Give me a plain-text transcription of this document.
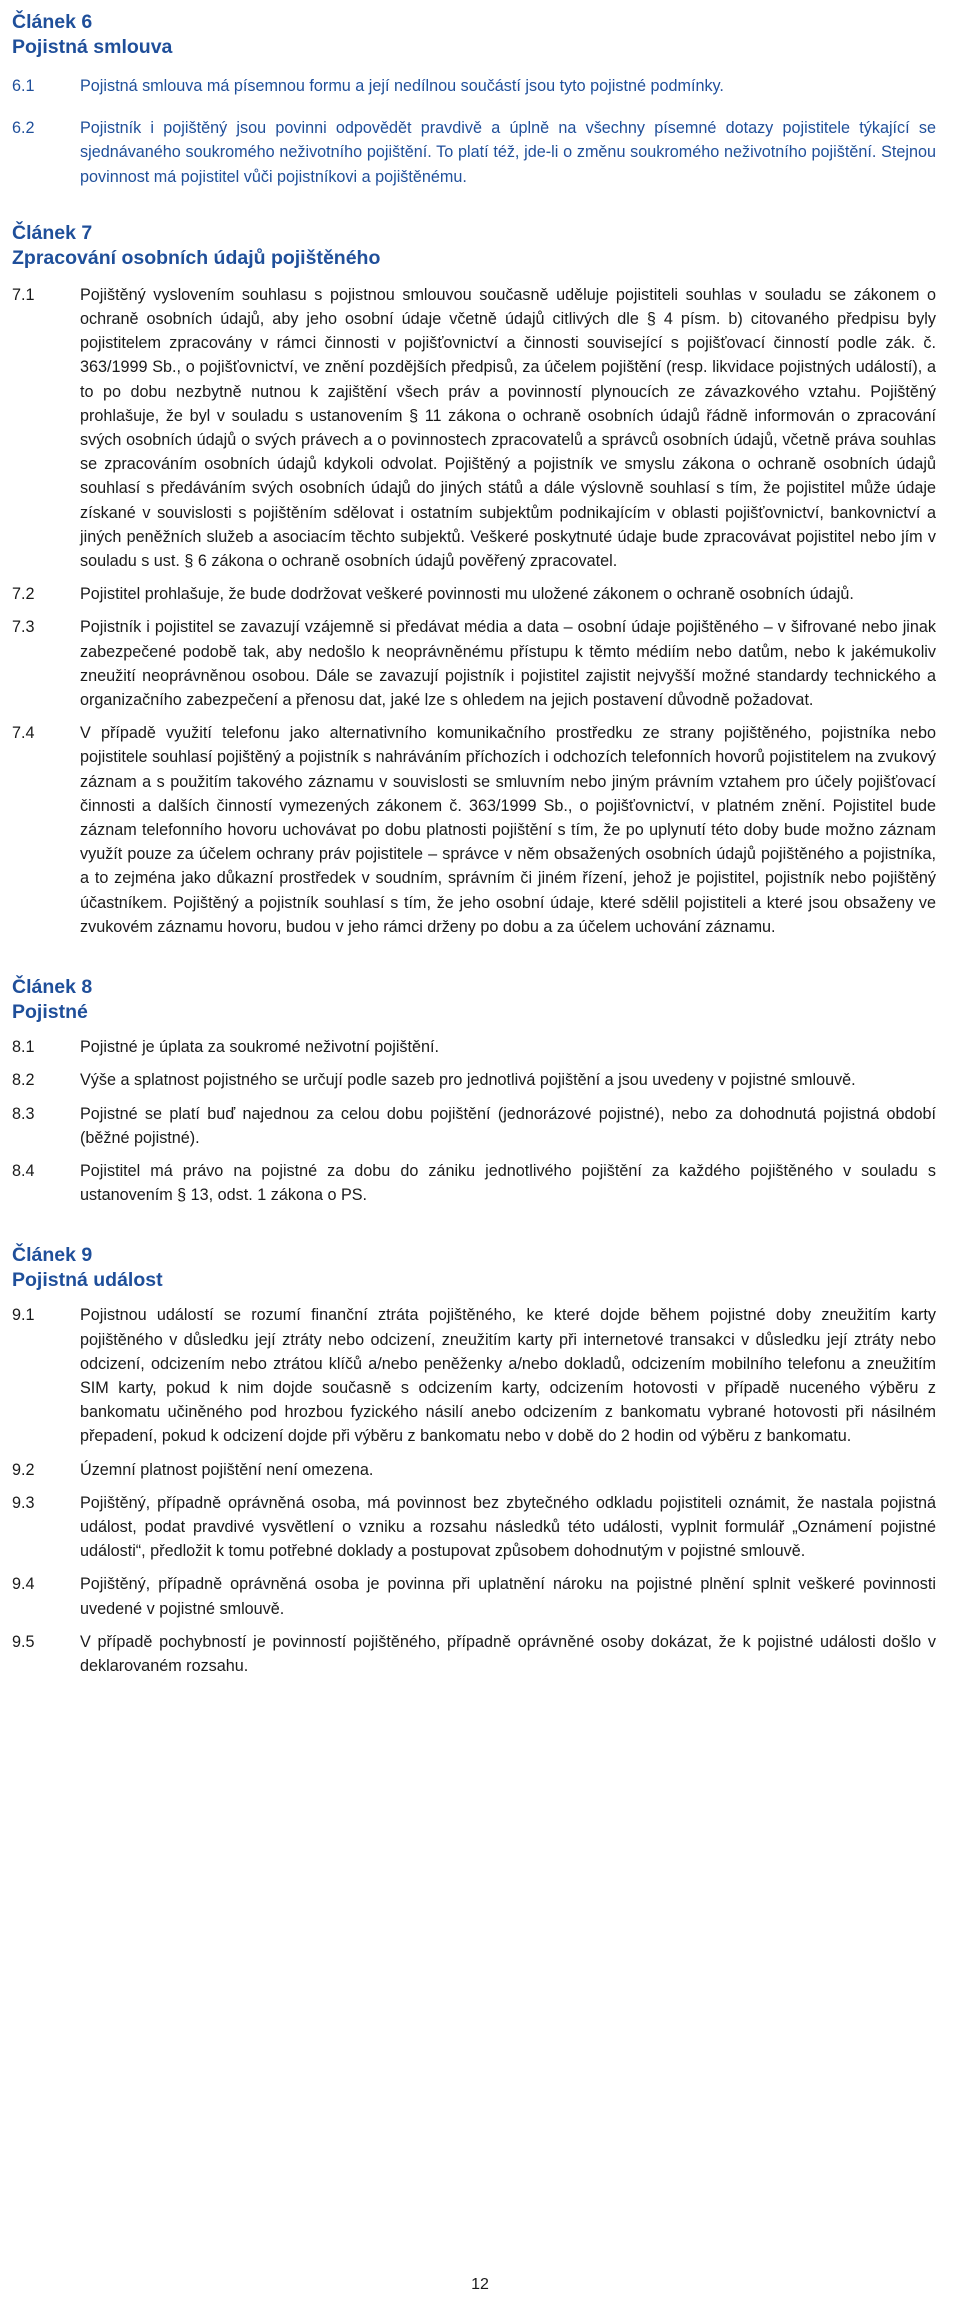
Článek 6
Pojistná smlouva
6.1	Pojistná smlouva má písemnou formu a její nedílnou součástí jsou tyto pojistné podmínky.
6.2	Pojistník i pojištěný jsou povinni odpovědět pravdivě a úplně na všechny písemné dotazy pojistitele týkající se sjednávaného soukromého neživotního pojištění. To platí též, jde-li o změnu soukromého neživotního pojištění. Stejnou povinnost má pojistitel vůči pojistníkovi a pojištěnému.
Článek 7
Zpracování osobních údajů pojištěného
7.1	Pojištěný vyslovením souhlasu s pojistnou smlouvou současně uděluje pojistiteli souhlas v souladu se zákonem o ochraně osobních údajů, aby jeho osobní údaje včetně údajů citlivých dle § 4 písm. b) citovaného předpisu byly pojistitelem zpracovány v rámci činnosti v pojišťovnictví a činnosti související s pojišťovací činností podle zák. č. 363/1999 Sb., o pojišťovnictví, ve znění pozdějších předpisů, za účelem pojištění (resp. likvidace pojistných událostí), a to po dobu nezbytně nutnou k zajištění všech práv a povinností plynoucích ze závazkového vztahu. Pojištěný prohlašuje, že byl v souladu s ustanovením § 11 zákona o ochraně osobních údajů řádně informován o zpracování svých osobních údajů o svých právech a o povinnostech zpracovatelů a správců osobních údajů, včetně práva souhlas se zpracováním osobních údajů kdykoli odvolat. Pojištěný a pojistník ve smyslu zákona o ochraně osobních údajů souhlasí s předáváním svých osobních údajů do jiných států a dále výslovně souhlasí s tím, že pojistitel může údaje získané v souvislosti s pojištěním sdělovat i ostatním subjektům podnikajícím v oblasti pojišťovnictví, bankovnictví a jiných peněžních služeb a asociacím těchto subjektů. Veškeré poskytnuté údaje bude zpracovávat pojistitel nebo jím v souladu s ust. § 6 zákona o ochraně osobních údajů pověřený zpracovatel.
7.2	Pojistitel prohlašuje, že bude dodržovat veškeré povinnosti mu uložené zákonem o ochraně osobních údajů.
7.3	Pojistník i pojistitel se zavazují vzájemně si předávat média a data – osobní údaje pojištěného – v šifrované nebo jinak zabezpečené podobě tak, aby nedošlo k neoprávněnému přístupu k těmto médiím nebo datům, nebo k jakémukoliv zneužití neoprávněnou osobou. Dále se zavazují pojistník i pojistitel zajistit nejvyšší možné standardy technického a organizačního zabezpečení a přenosu dat, jaké lze s ohledem na jejich postavení důvodně požadovat.
7.4	V případě využití telefonu jako alternativního komunikačního prostředku ze strany pojištěného, pojistníka nebo pojistitele souhlasí pojištěný a pojistník s nahráváním příchozích i odchozích telefonních hovorů pojistitelem na zvukový záznam a s použitím takového záznamu v souvislosti se smluvním nebo jiným právním vztahem pro účely pojišťovací činnosti a dalších činností vymezených zákonem č. 363/1999 Sb., o pojišťovnictví, v platném znění. Pojistitel bude záznam telefonního hovoru uchovávat po dobu platnosti pojištění s tím, že po uplynutí této doby bude možno záznam využít pouze za účelem ochrany práv pojistitele – správce v něm obsažených osobních údajů pojištěného a pojistníka, a to zejména jako důkazní prostředek v soudním, správním či jiném řízení, jehož je pojistitel, pojistník nebo pojištěný účastníkem. Pojištěný a pojistník souhlasí s tím, že jeho osobní údaje, které sdělil pojistiteli a které jsou obsaženy ve zvukovém záznamu hovoru, budou v jeho rámci drženy po dobu a za účelem uchování záznamu.
Článek 8
Pojistné
8.1	Pojistné je úplata za soukromé neživotní pojištění.
8.2	Výše a splatnost pojistného se určují podle sazeb pro jednotlivá pojištění a jsou uvedeny v pojistné smlouvě.
8.3	Pojistné se platí buď najednou za celou dobu pojištění (jednorázové pojistné), nebo za dohodnutá pojistná období (běžné pojistné).
8.4	Pojistitel má právo na pojistné za dobu do zániku jednotlivého pojištění za každého pojištěného v souladu s ustanovením § 13, odst. 1 zákona o PS.
Článek 9
Pojistná událost
9.1	Pojistnou událostí se rozumí finanční ztráta pojištěného, ke které dojde během pojistné doby zneužitím karty pojištěného v důsledku její ztráty nebo odcizení, zneužitím karty při internetové transakci v důsledku její ztráty nebo odcizení, odcizením nebo ztrátou klíčů a/nebo peněženky a/nebo dokladů, odcizením mobilního telefonu a zneužitím SIM karty, pokud k nim dojde současně s odcizením karty, odcizením hotovosti v případě nuceného výběru z bankomatu učiněného pod hrozbou fyzického násilí anebo odcizením z bankomatu vybrané hotovosti při násilném přepadení, pokud k odcizení dojde při výběru z bankomatu nebo v době do 2 hodin od výběru z bankomatu.
9.2	Územní platnost pojištění není omezena.
9.3	Pojištěný, případně oprávněná osoba, má povinnost bez zbytečného odkladu pojistiteli oznámit, že nastala pojistná událost, podat pravdivé vysvětlení o vzniku a rozsahu následků této události, vyplnit formulář „Oznámení pojistné události“, předložit k tomu potřebné doklady a postupovat způsobem dohodnutým v pojistné smlouvě.
9.4	Pojištěný, případně oprávněná osoba je povinna při uplatnění nároku na pojistné plnění splnit veškeré povinnosti uvedené v pojistné smlouvě.
9.5	V případě pochybností je povinností pojištěného, případně oprávněné osoby dokázat, že k pojistné události došlo v deklarovaném rozsahu.
12
